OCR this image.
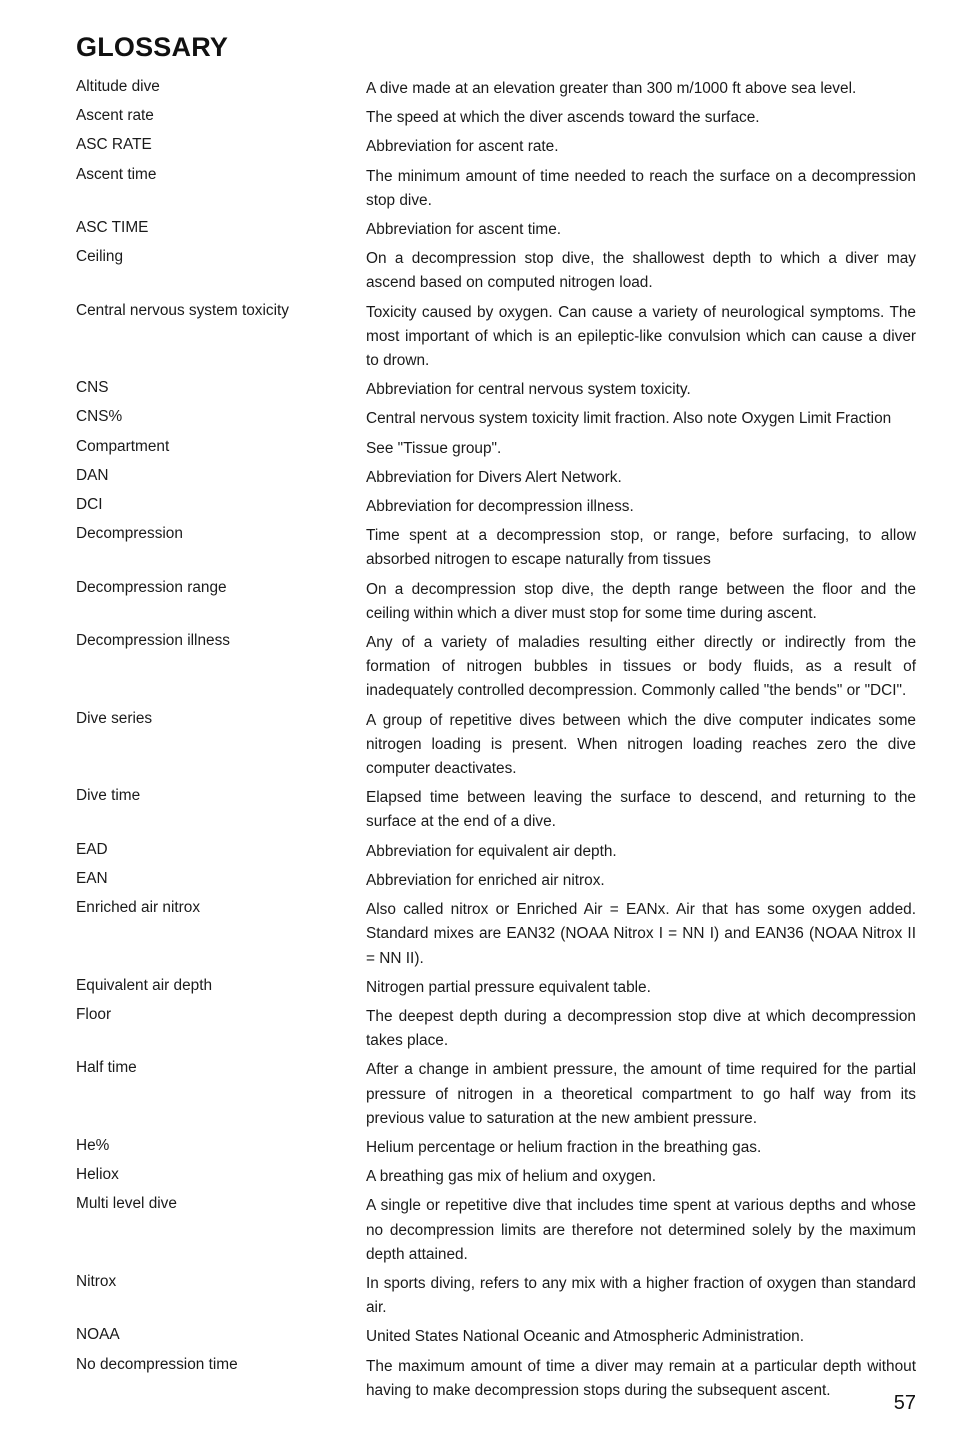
GLOSSARY
Altitude dive	A dive made at an elevation greater than 300 m/1000 ft above sea level.
Ascent rate	The speed at which the diver ascends toward the surface.
ASC RATE	Abbreviation for ascent rate.
Ascent time	The minimum amount of time needed to reach the surface on a decompression stop dive.
ASC TIME	Abbreviation for ascent time.
Ceiling	On a decompression stop dive, the shallowest depth to which a diver may ascend based on computed nitrogen load.
Central nervous system toxicity	Toxicity caused by oxygen. Can cause a variety of neurological symptoms. The most important of which is an epileptic-like convulsion which can cause a diver to drown.
CNS	Abbreviation for central nervous system toxicity.
CNS%	Central nervous system toxicity limit fraction. Also note Oxygen Limit Fraction
Compartment	See "Tissue group".
DAN	Abbreviation for Divers Alert Network.
DCI	Abbreviation for decompression illness.
Decompression	Time spent at a decompression stop, or range, before surfacing, to allow absorbed nitrogen to escape naturally from tissues
Decompression range	On a decompression stop dive, the depth range between the floor and the ceiling within which a diver must stop for some time during ascent.
Decompression illness	Any of a variety of maladies resulting either directly or indirectly from the formation of nitrogen bubbles in tissues or body fluids, as a result of inadequately controlled decompression. Commonly called "the bends" or "DCI".
Dive series	A group of repetitive dives between which the dive computer indicates some nitrogen loading is present. When nitrogen loading reaches zero the dive computer deactivates.
Dive time	Elapsed time between leaving the surface to descend, and returning to the surface at the end of a dive.
EAD	Abbreviation for equivalent air depth.
EAN	Abbreviation for enriched air nitrox.
Enriched air nitrox	Also called nitrox or Enriched Air = EANx. Air that has some oxygen added. Standard mixes are EAN32 (NOAA Nitrox I = NN I) and EAN36 (NOAA Nitrox II = NN II).
Equivalent air depth	Nitrogen partial pressure equivalent table.
Floor	The deepest depth during a decompression stop dive at which decompression takes place.
Half time	After a change in ambient pressure, the amount of time required for the partial pressure of nitrogen in a theoretical compartment to go half way from its previous value to saturation at the new ambient pressure.
He%	Helium percentage or helium fraction in the breathing gas.
Heliox	A breathing gas mix of helium and oxygen.
Multi level dive	A single or repetitive dive that includes time spent at various depths and whose no decompression limits are therefore not determined solely by the maximum depth attained.
Nitrox	In sports diving, refers to any mix with a higher fraction of oxygen than standard air.
NOAA	United States National Oceanic and Atmospheric Administration.
No decompression time	The maximum amount of time a diver may remain at a particular depth without having to make decompression stops during the subsequent ascent.
57
